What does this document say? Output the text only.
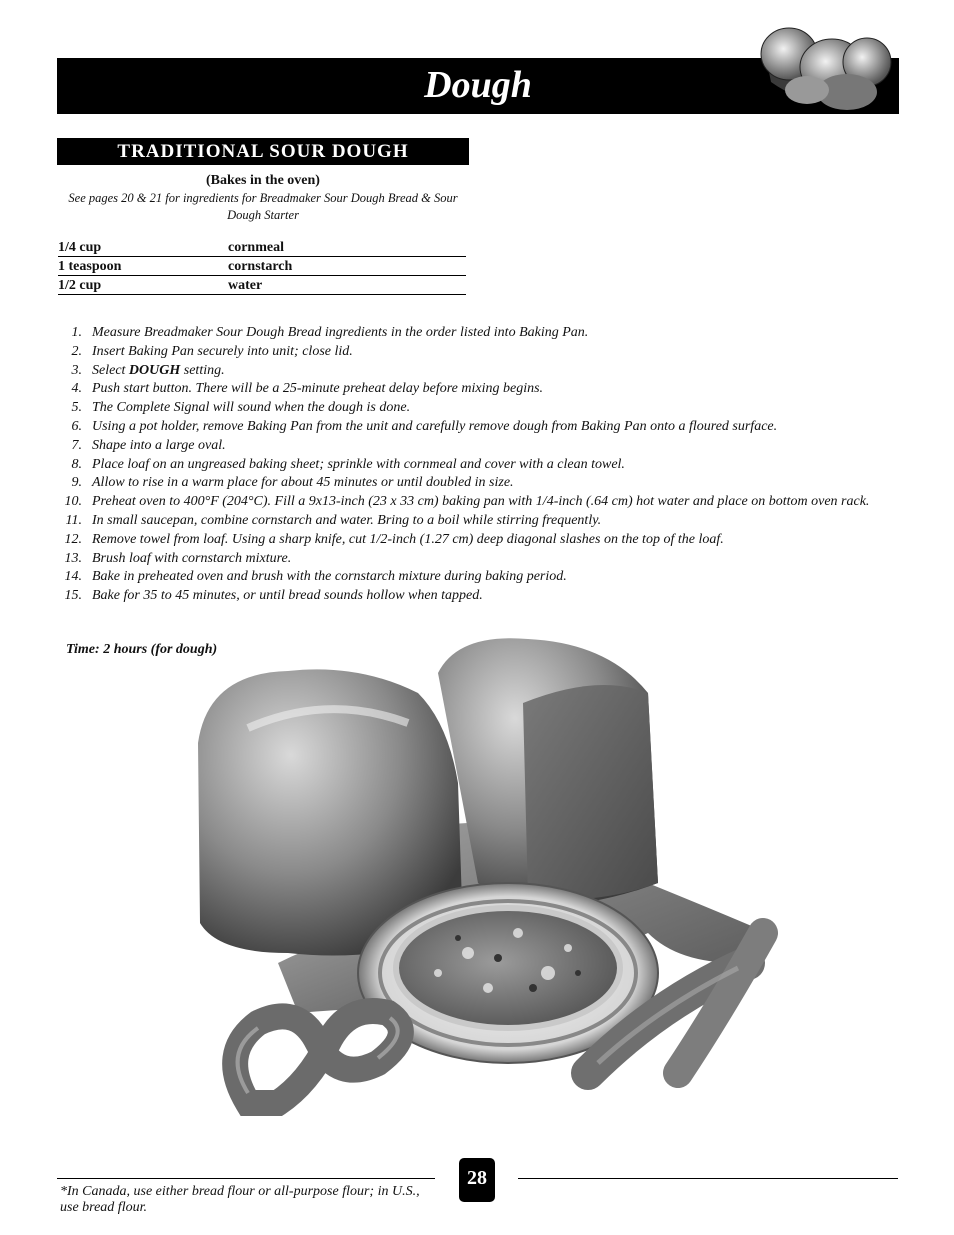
Dough
TRADITIONAL SOUR DOUGH
(Bakes in the oven)
See pages 20 & 21 for ingredients for Breadmaker Sour Dough Bread & Sour Dough Starter
1/4 cup	cornmeal
1 teaspoon	cornstarch
1/2 cup	water
1. Measure Breadmaker Sour Dough Bread ingredients in the order listed into Baking Pan.
2. Insert Baking Pan securely into unit; close lid.
3. Select DOUGH setting.
4. Push start button. There will be a 25-minute preheat delay before mixing begins.
5. The Complete Signal will sound when the dough is done.
6. Using a pot holder, remove Baking Pan from the unit and carefully remove dough from Baking Pan onto a floured surface.
7. Shape into a large oval.
8. Place loaf on an ungreased baking sheet; sprinkle with cornmeal and cover with a clean towel.
9. Allow to rise in a warm place for about 45 minutes or until doubled in size.
10. Preheat oven to 400°F (204°C). Fill a 9x13-inch (23 x 33 cm) baking pan with 1/4-inch (.64 cm) hot water and place on bottom oven rack.
11. In small saucepan, combine cornstarch and water. Bring to a boil while stirring frequently.
12. Remove towel from loaf. Using a sharp knife, cut 1/2-inch (1.27 cm) deep diagonal slashes on the top of the loaf.
13. Brush loaf with cornstarch mixture.
14. Bake in preheated oven and brush with the cornstarch mixture during baking period.
15. Bake for 35 to 45 minutes, or until bread sounds hollow when tapped.
Time: 2 hours (for dough)
28
*In Canada, use either bread flour or all-purpose flour; in U.S., use bread flour.
